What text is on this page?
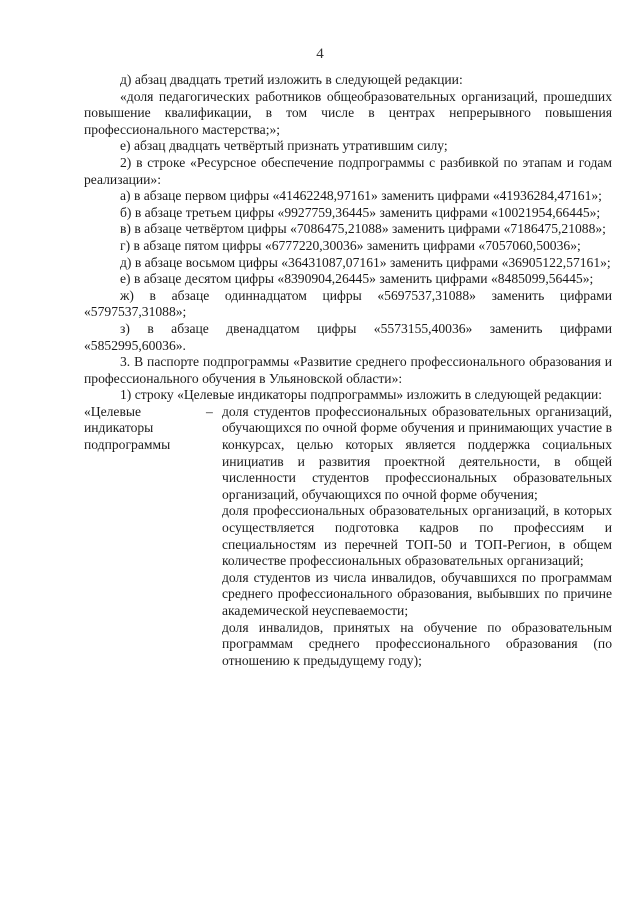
4

д) абзац двадцать третий изложить в следующей редакции:

«доля педагогических работников общеобразовательных организаций, прошедших повышение квалификации, в том числе в центрах непрерывного повышения профессионального мастерства;»;

е) абзац двадцать четвёртый признать утратившим силу;

2) в строке «Ресурсное обеспечение подпрограммы с разбивкой по этапам и годам реализации»:

а) в абзаце первом цифры «41462248,97161» заменить цифрами «41936284,47161»;

б) в абзаце третьем цифры «9927759,36445» заменить цифрами «10021954,66445»;

в) в абзаце четвёртом цифры «7086475,21088» заменить цифрами «7186475,21088»;

г) в абзаце пятом цифры «6777220,30036» заменить цифрами «7057060,50036»;

д) в абзаце восьмом цифры «36431087,07161» заменить цифрами «36905122,57161»;

е) в абзаце десятом цифры «8390904,26445» заменить цифрами «8485099,56445»;

ж) в абзаце одиннадцатом цифры «5697537,31088» заменить цифрами «5797537,31088»;

з) в абзаце двенадцатом цифры «5573155,40036» заменить цифрами «5852995,60036».

3. В паспорте подпрограммы «Развитие среднего профессионального образования и профессионального обучения в Ульяновской области»:

1) строку «Целевые индикаторы подпрограммы» изложить в следующей редакции:

«Целевые индикаторы подпрограммы
– доля студентов профессиональных образовательных организаций, обучающихся по очной форме обучения и принимающих участие в конкурсах, целью которых является поддержка социальных инициатив и развития проектной деятельности, в общей численности студентов профессиональных образовательных организаций, обучающихся по очной форме обучения;

доля профессиональных образовательных организаций, в которых осуществляется подготовка кадров по профессиям и специальностям из перечней ТОП-50 и ТОП-Регион, в общем количестве профессиональных образовательных организаций;

доля студентов из числа инвалидов, обучавшихся по программам среднего профессионального образования, выбывших по причине академической неуспеваемости;

доля инвалидов, принятых на обучение по образовательным программам среднего профессионального образования (по отношению к предыдущему году);
